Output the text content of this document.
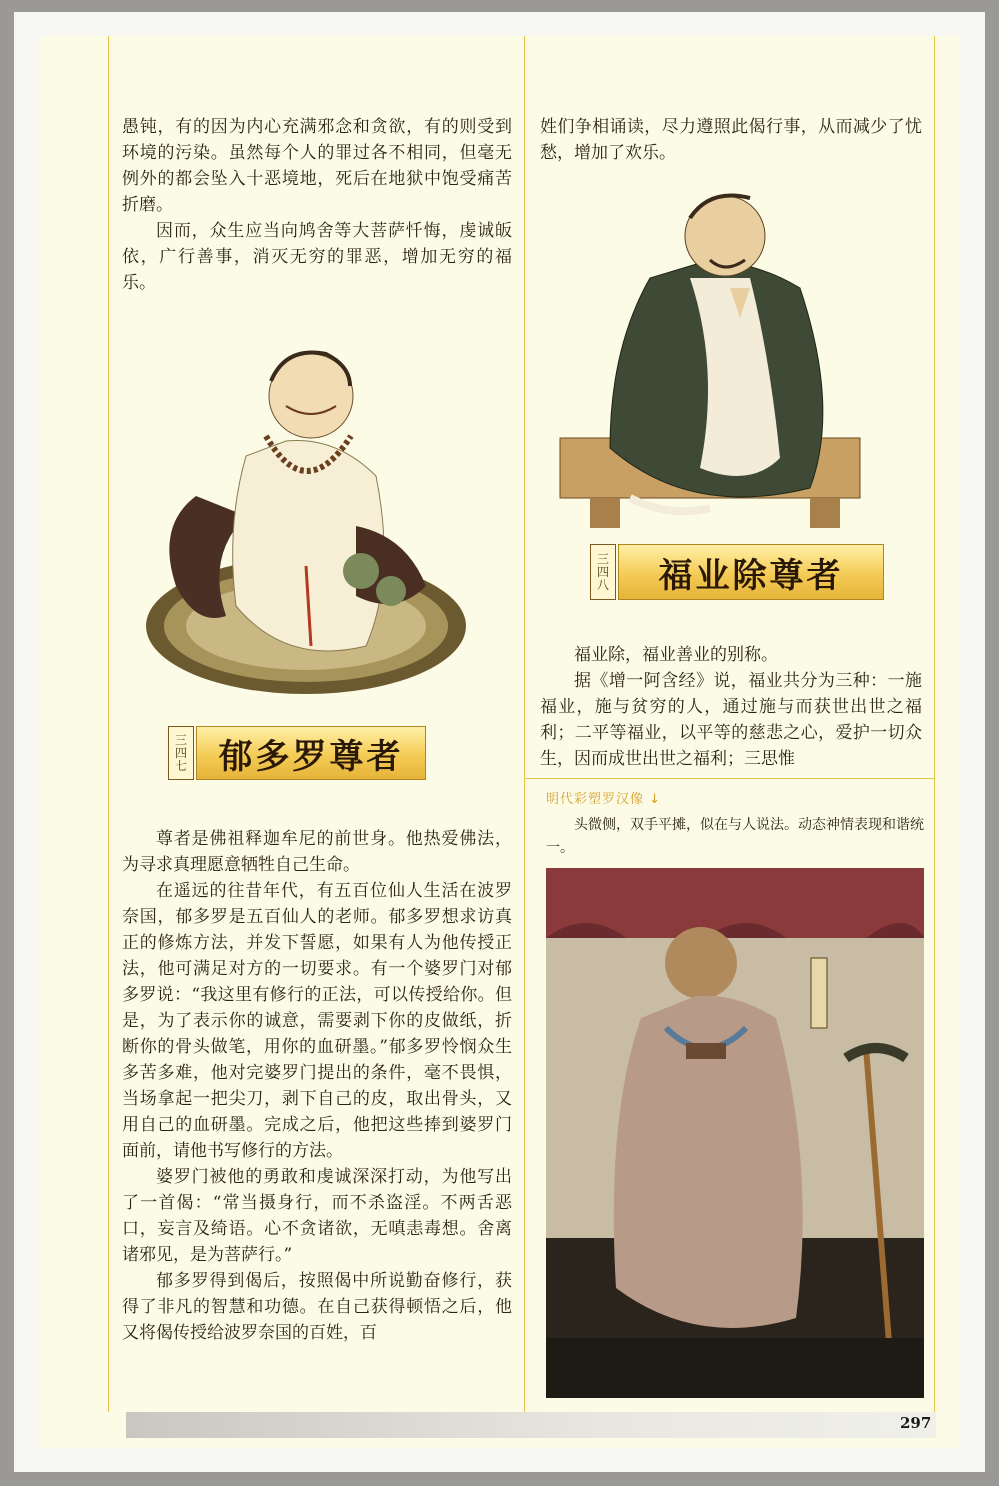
愚钝，有的因为内心充满邪念和贪欲，有的则受到环境的污染。虽然每个人的罪过各不相同，但毫无例外的都会坠入十恶境地，死后在地狱中饱受痛苦折磨。

因而，众生应当向鸠舍等大菩萨忏悔，虔诚皈依，广行善事，消灭无穷的罪恶，增加无穷的福乐。

三
四
七 郁多罗尊者

尊者是佛祖释迦牟尼的前世身。他热爱佛法，为寻求真理愿意牺牲自己生命。

在遥远的往昔年代，有五百位仙人生活在波罗奈国，郁多罗是五百仙人的老师。郁多罗想求访真正的修炼方法，并发下誓愿，如果有人为他传授正法，他可满足对方的一切要求。有一个婆罗门对郁多罗说：“我这里有修行的正法，可以传授给你。但是，为了表示你的诚意，需要剥下你的皮做纸，折断你的骨头做笔，用你的血研墨。”郁多罗怜悯众生多苦多难，他对完婆罗门提出的条件，毫不畏惧，当场拿起一把尖刀，剥下自己的皮，取出骨头，又用自己的血研墨。完成之后，他把这些捧到婆罗门面前，请他书写修行的方法。

婆罗门被他的勇敢和虔诚深深打动，为他写出了一首偈：“常当摄身行，而不杀盗淫。不两舌恶口，妄言及绮语。心不贪诸欲，无嗔恚毒想。舍离诸邪见，是为菩萨行。”

郁多罗得到偈后，按照偈中所说勤奋修行，获得了非凡的智慧和功德。在自己获得顿悟之后，他又将偈传授给波罗奈国的百姓，百

姓们争相诵读，尽力遵照此偈行事，从而减少了忧愁，增加了欢乐。

三
四
八	福业除尊者

福业除，福业善业的别称。

据《增一阿含经》说，福业共分为三种：一施福业，施与贫穷的人，通过施与而获世出世之福利；二平等福业，以平等的慈悲之心，爱护一切众生，因而成世出世之福利；三思惟

明代彩塑罗汉像 ↓

头微侧，双手平摊，似在与人说法。动态神情表现和谐统一。

297
